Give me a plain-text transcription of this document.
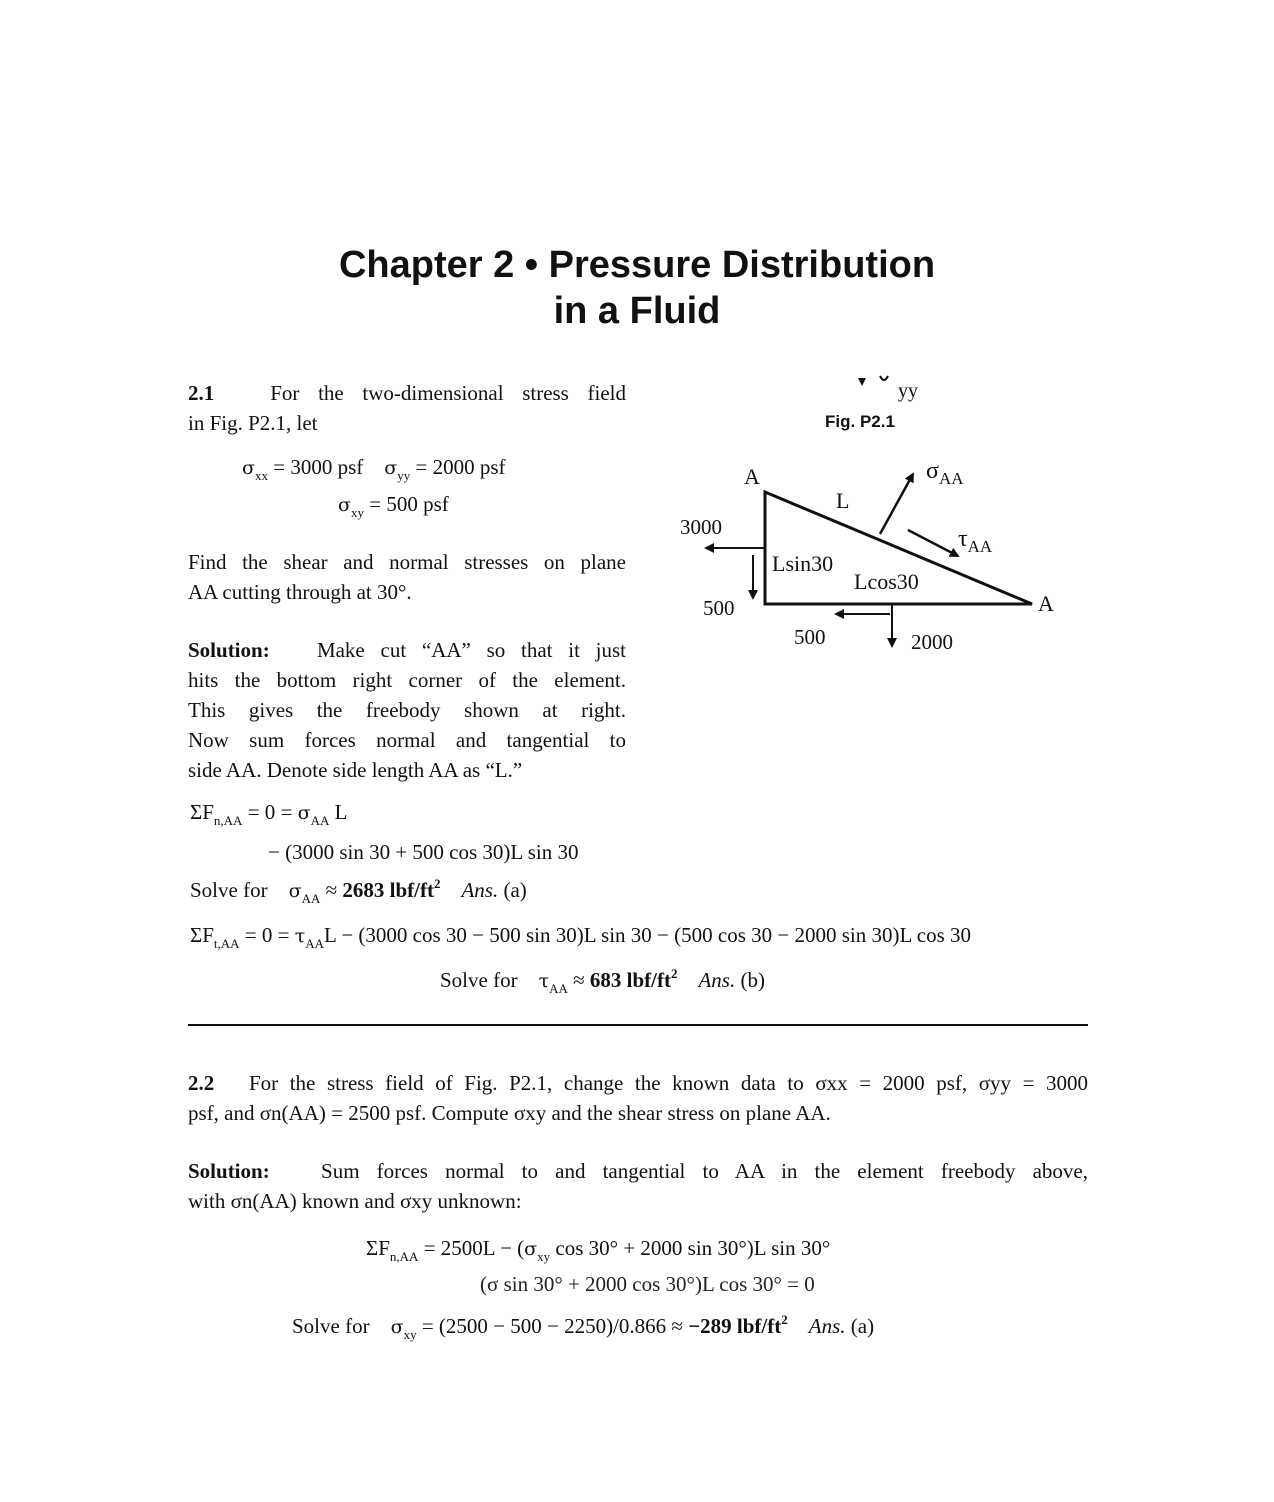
Chapter 2 • Pressure Distribution
in a Fluid
2.1	For the two-dimensional stress field
in Fig. P2.1, let
$\sigma_{xx} = 3000$ psf $\sigma_{yy} = 2000$ psf
$\sigma_{xy} = 500$ psf
Find the shear and normal stresses on plane
AA cutting through at 30°.
Solution: Make cut “AA” so that it just
hits the bottom right corner of the element.
This gives the freebody shown at right.
Now sum forces normal and tangential to
side AA. Denote side length AA as “L.”
$\Sigma F_{n,AA} = 0 = \sigma_{AA}$ L
− (3000 sin 30 + 500 cos 30)L sin 30
Solve for $\sigma_{AA} \approx 2683$ lbf/$ft^2$ Ans. (a)
$\Sigma F_{t,AA} = 0 = \tau_{AA}L - (3000$ cos 30 − 500 sin 30)L sin 30 − (500 cos 30 − 2000 sin 30)L cos 30
Solve for $\tau_{AA} \approx 683$ lbf/$ft^2$ Ans. (b)
yy
A
A
L
Lsin30
Lcos30
3000
500
500	2000
$\sigma_{AA}$
$\tau_{AA}$
Fig. P2.1
2.2 For the stress field of Fig. P2.1, change the known data to σxx = 2000 psf, σyy = 3000
psf, and σn(AA) = 2500 psf. Compute σxy and the shear stress on plane AA.
Solution: Sum forces normal to and tangential to AA in the element freebody above,
with σn(AA) known and σxy unknown:
$\Sigma F_{n,AA} = 2500L - (\sigma_{xy}$ cos 30° + 2000 sin 30°)L sin 30°
(σ sin 30° + 2000 cos 30°)L cos 30° = 0
Solve for $\sigma_{xy} = (2500 - 500 - 2250)/0.866 \approx -289$ lbf/$ft^2$ Ans. (a)
